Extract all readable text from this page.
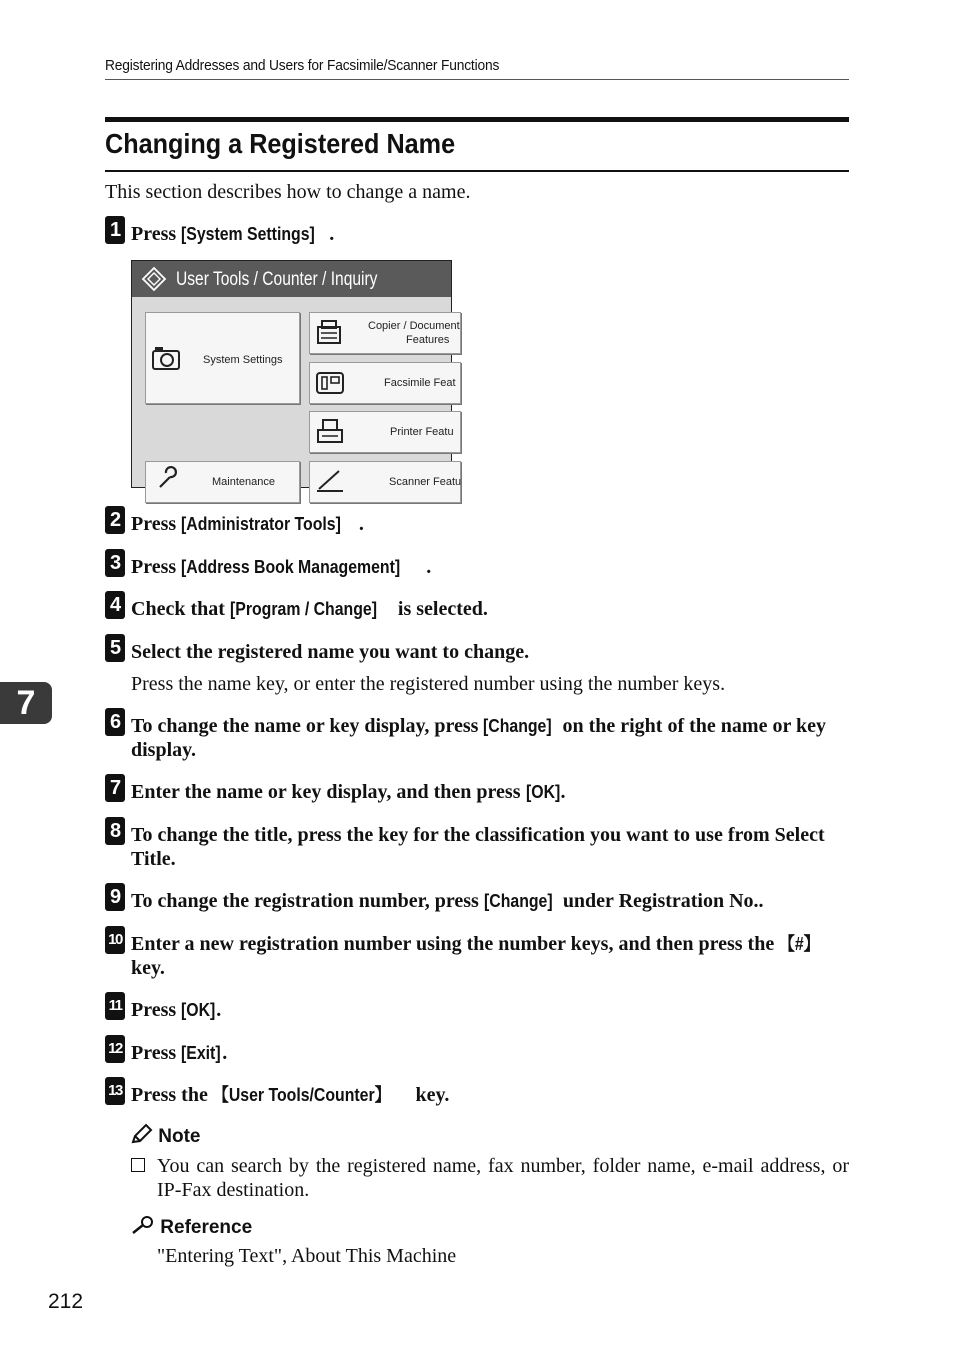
Registering Addresses and Users for Facsimile/Scanner Functions
Changing a Registered Name
This section describes how to change a name.
1 Press [System Settings] .
User Tools / Counter / Inquiry
System Settings
Copier / Document
Features
Facsimile Feat
Printer Featu
Maintenance	Scanner Featu
2 Press [Administrator Tools] .
3 Press [Address Book Management] .
4 Check that [Program / Change] is selected.
5 Select the registered name you want to change.
Press the name key, or enter the registered number using the number keys.
6 To change the name or key display, press [Change] on the right of the name or key display.
7 Enter the name or key display, and then press [OK].
8 To change the title, press the key for the classification you want to use from Select Title.
9 To change the registration number, press [Change] under Registration No..
10 Enter a new registration number using the number keys, and then press the 【#】 key.
11 Press [OK].
12 Press [Exit].
13 Press the 【User Tools/Counter】 key.
Note
You can search by the registered name, fax number, folder name, e-mail address, or IP-Fax destination.
Reference
"Entering Text", About This Machine
7
212
